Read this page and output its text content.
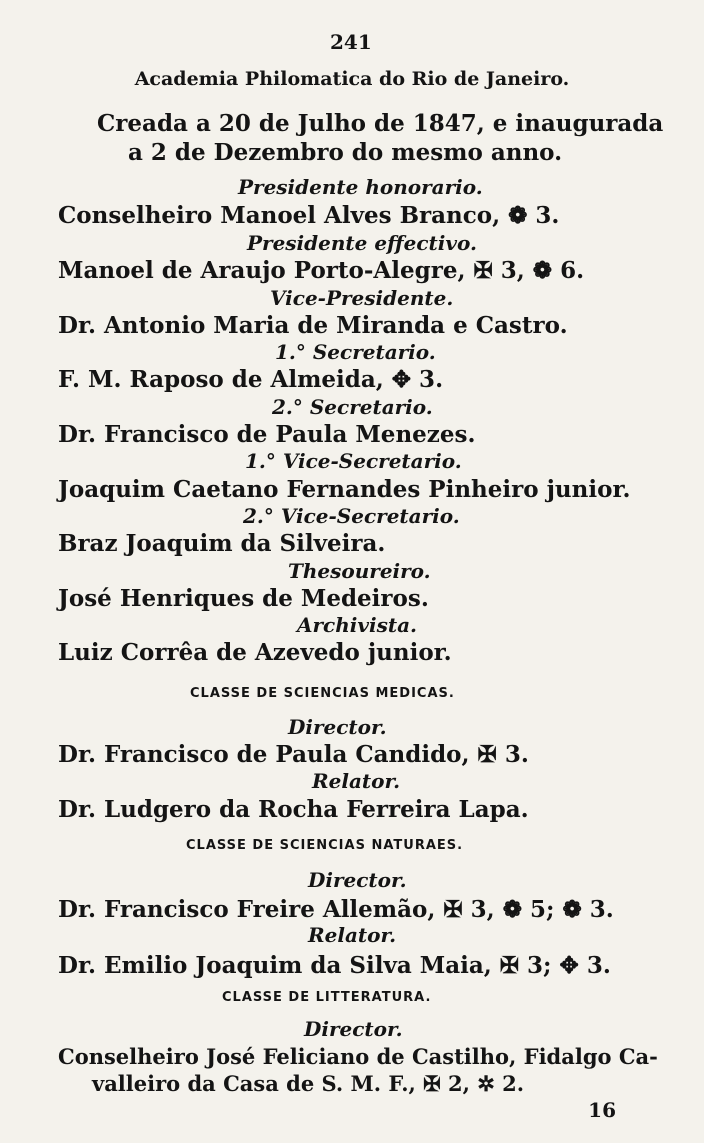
241
Academia Philomatica do Rio de Janeiro.
Creada a 20 de Julho de 1847, e inaugurada
a 2 de Dezembro do mesmo anno.
Presidente honorario.
Conselheiro Manoel Alves Branco, ❁ 3.
Presidente effectivo.
Manoel de Araujo Porto-Alegre, ✠ 3, ❁ 6.
Vice-Presidente.
Dr. Antonio Maria de Miranda e Castro.
1.° Secretario.
F. M. Raposo de Almeida, ✥ 3.
2.° Secretario.
Dr. Francisco de Paula Menezes.
1.° Vice-Secretario.
Joaquim Caetano Fernandes Pinheiro junior.
2.° Vice-Secretario.
Braz Joaquim da Silveira.
Thesoureiro.
José Henriques de Medeiros.
Archivista.
Luiz Corrêa de Azevedo junior.
CLASSE DE SCIENCIAS MEDICAS.
Director.
Dr. Francisco de Paula Candido, ✠ 3.
Relator.
Dr. Ludgero da Rocha Ferreira Lapa.
CLASSE DE SCIENCIAS NATURAES.
Director.
Dr. Francisco Freire Allemão, ✠ 3, ❁ 5; ❁ 3.
Relator.
Dr. Emilio Joaquim da Silva Maia, ✠ 3; ✥ 3.
CLASSE DE LITTERATURA.
Director.
Conselheiro José Feliciano de Castilho, Fidalgo Ca-
valleiro da Casa de S. M. F., ✠ 2, ✲ 2.
16
